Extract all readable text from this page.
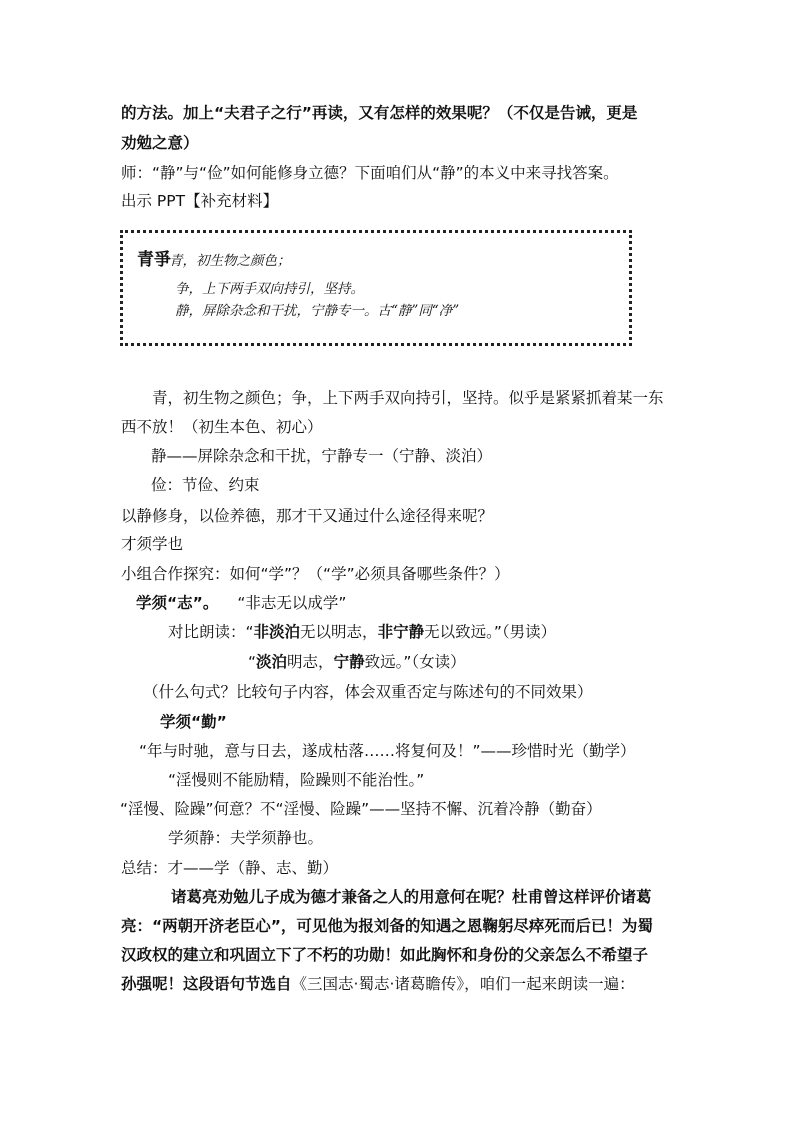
的方法。加上“夫君子之行”再读，又有怎样的效果呢？（不仅是告诫，更是
劝勉之意）
师：“静”与“俭”如何能修身立德？下面咱们从“静”的本义中来寻找答案。
出示 PPT【补充材料】
青爭
青，初生物之颜色；
争，上下两手双向持引，坚持。
静，屏除杂念和干扰，宁静专一。古“静”同“净”
青，初生物之颜色；争，上下两手双向持引，坚持。似乎是紧紧抓着某一东
西不放！（初生本色、初心）
静——屏除杂念和干扰，宁静专一（宁静、淡泊）
俭：节俭、约束
以静修身，以俭养德，那才干又通过什么途径得来呢？
才须学也
小组合作探究：如何“学”？（“学”必须具备哪些条件？）
学须“志”。 “非志无以成学”
对比朗读：“非淡泊无以明志，非宁静无以致远。”（男读）
“淡泊明志，宁静致远。”（女读）
（什么句式？比较句子内容，体会双重否定与陈述句的不同效果）
学须“勤”
“年与时驰，意与日去，遂成枯落……将复何及！”——珍惜时光（勤学）
“淫慢则不能励精，险躁则不能治性。”
“淫慢、险躁”何意？不“淫慢、险躁”——坚持不懈、沉着冷静（勤奋）
学须静：夫学须静也。
总结：才——学（静、志、勤）
诸葛亮劝勉儿子成为德才兼备之人的用意何在呢？杜甫曾这样评价诸葛
亮：“两朝开济老臣心”，可见他为报刘备的知遇之恩鞠躬尽瘁死而后已！为蜀
汉政权的建立和巩固立下了不朽的功勋！如此胸怀和身份的父亲怎么不希望子
孙强呢！这段语句节选自《三国志·蜀志·诸葛瞻传》，咱们一起来朗读一遍：
